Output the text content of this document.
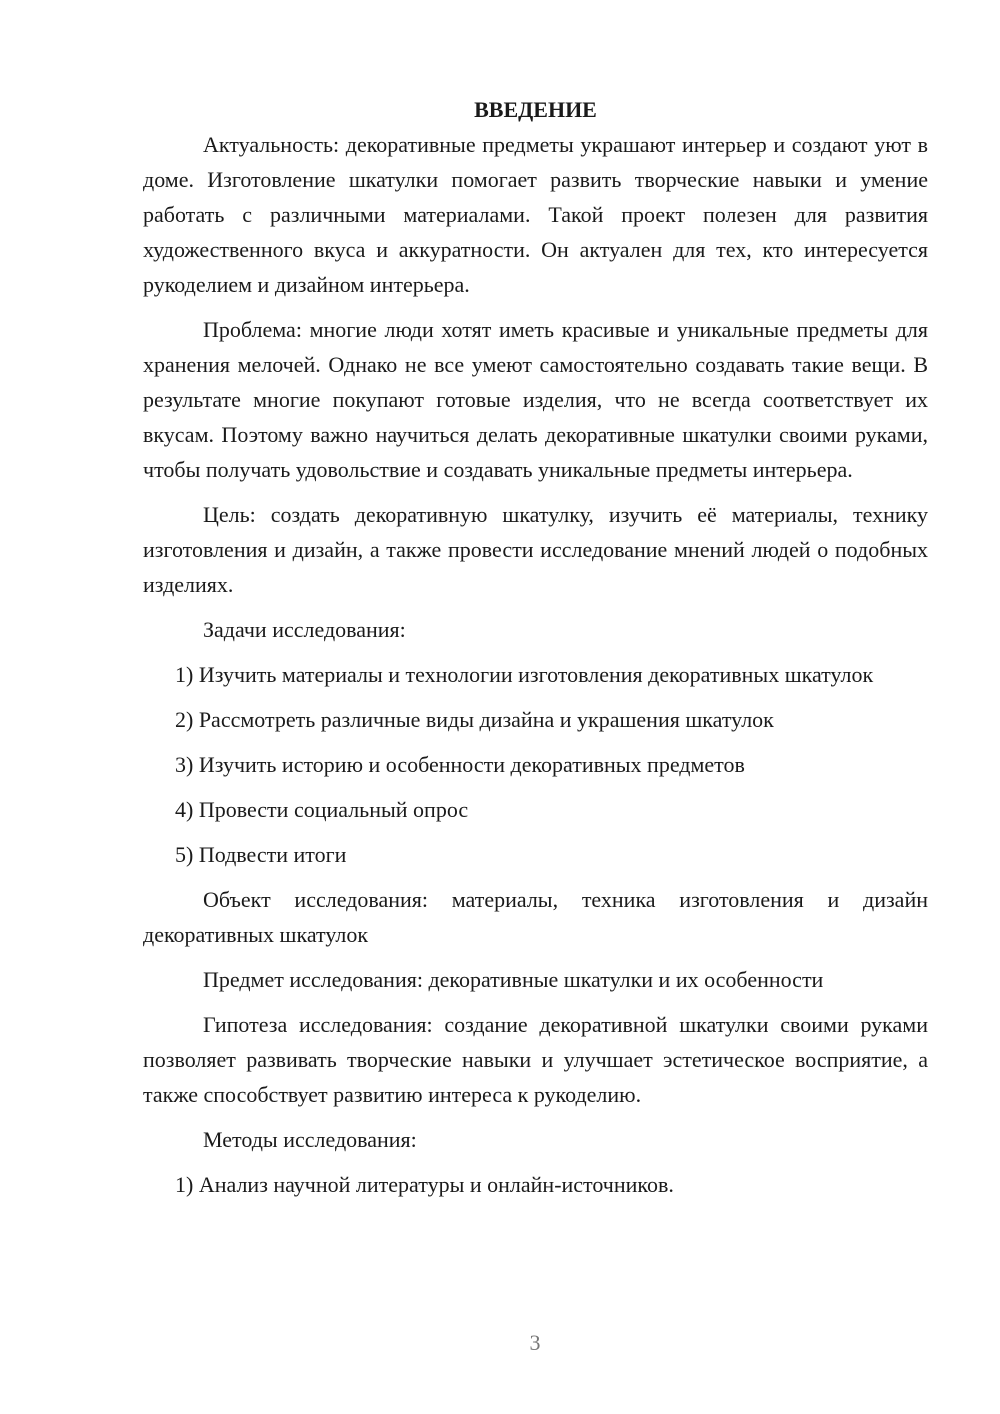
ВВЕДЕНИЕ

Актуальность: декоративные предметы украшают интерьер и создают уют в доме. Изготовление шкатулки помогает развить творческие навыки и умение работать с различными материалами. Такой проект полезен для развития художественного вкуса и аккуратности. Он актуален для тех, кто интересуется рукоделием и дизайном интерьера.

Проблема: многие люди хотят иметь красивые и уникальные предметы для хранения мелочей. Однако не все умеют самостоятельно создавать такие вещи. В результате многие покупают готовые изделия, что не всегда соответствует их вкусам. Поэтому важно научиться делать декоративные шкатулки своими руками, чтобы получать удовольствие и создавать уникальные предметы интерьера.

Цель: создать декоративную шкатулку, изучить её материалы, технику изготовления и дизайн, а также провести исследование мнений людей о подобных изделиях.

Задачи исследования:

1) Изучить материалы и технологии изготовления декоративных шкатулок

2) Рассмотреть различные виды дизайна и украшения шкатулок

3) Изучить историю и особенности декоративных предметов

4) Провести социальный опрос

5) Подвести итоги

Объект исследования: материалы, техника изготовления и дизайн декоративных шкатулок

Предмет исследования: декоративные шкатулки и их особенности

Гипотеза исследования: создание декоративной шкатулки своими руками позволяет развивать творческие навыки и улучшает эстетическое восприятие, а также способствует развитию интереса к рукоделию.

Методы исследования:

1) Анализ научной литературы и онлайн-источников.

3
